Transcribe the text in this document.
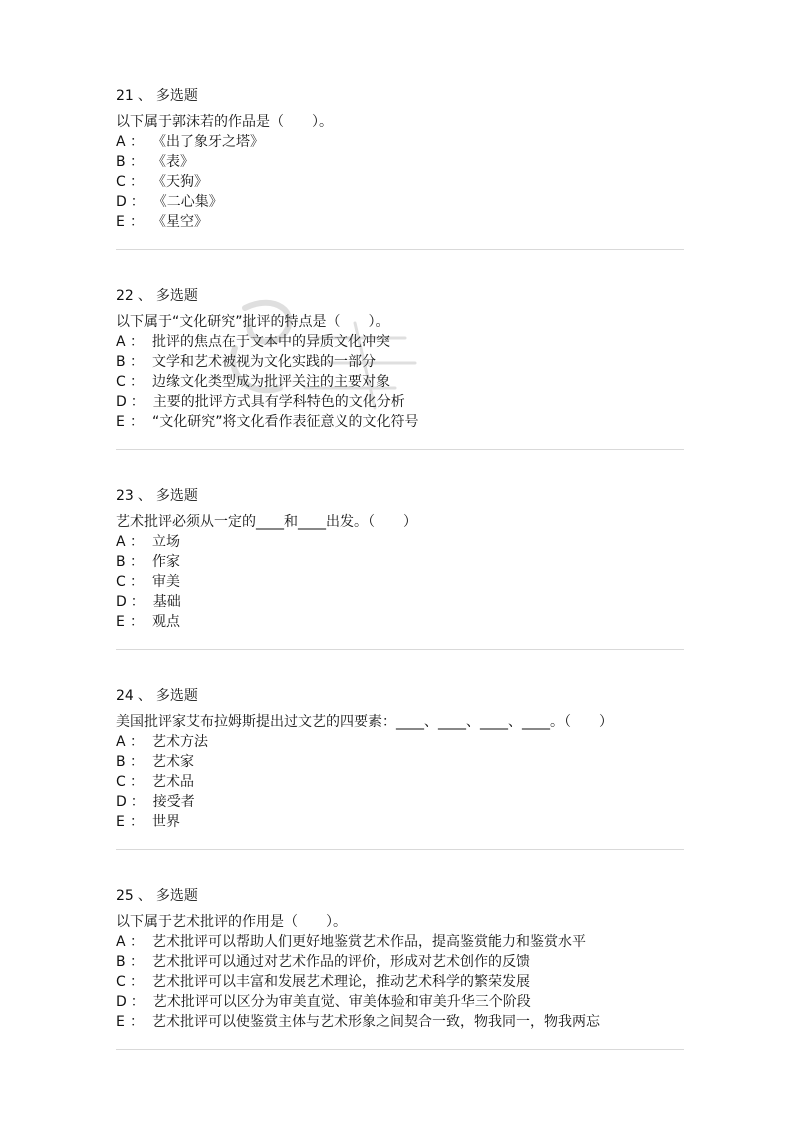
21 、 多选题
以下属于郭沫若的作品是（　　）。
A ： 《出了象牙之塔》
B ： 《表》
C ： 《天狗》
D ： 《二心集》
E ： 《星空》
22 、 多选题
以下属于“文化研究”批评的特点是（　　）。
A ： 批评的焦点在于文本中的异质文化冲突
B ： 文学和艺术被视为文化实践的一部分
C ： 边缘文化类型成为批评关注的主要对象
D ： 主要的批评方式具有学科特色的文化分析
E ： “文化研究”将文化看作表征意义的文化符号
23 、 多选题
艺术批评必须从一定的____和____出发。（　　）
A ： 立场
B ： 作家
C ： 审美
D ： 基础
E ： 观点
24 、 多选题
美国批评家艾布拉姆斯提出过文艺的四要素：____、____、____、____。（　　）
A ： 艺术方法
B ： 艺术家
C ： 艺术品
D ： 接受者
E ： 世界
25 、 多选题
以下属于艺术批评的作用是（　　）。
A ： 艺术批评可以帮助人们更好地鉴赏艺术作品，提高鉴赏能力和鉴赏水平
B ： 艺术批评可以通过对艺术作品的评价，形成对艺术创作的反馈
C ： 艺术批评可以丰富和发展艺术理论，推动艺术科学的繁荣发展
D ： 艺术批评可以区分为审美直觉、审美体验和审美升华三个阶段
E ： 艺术批评可以使鉴赏主体与艺术形象之间契合一致，物我同一，物我两忘
